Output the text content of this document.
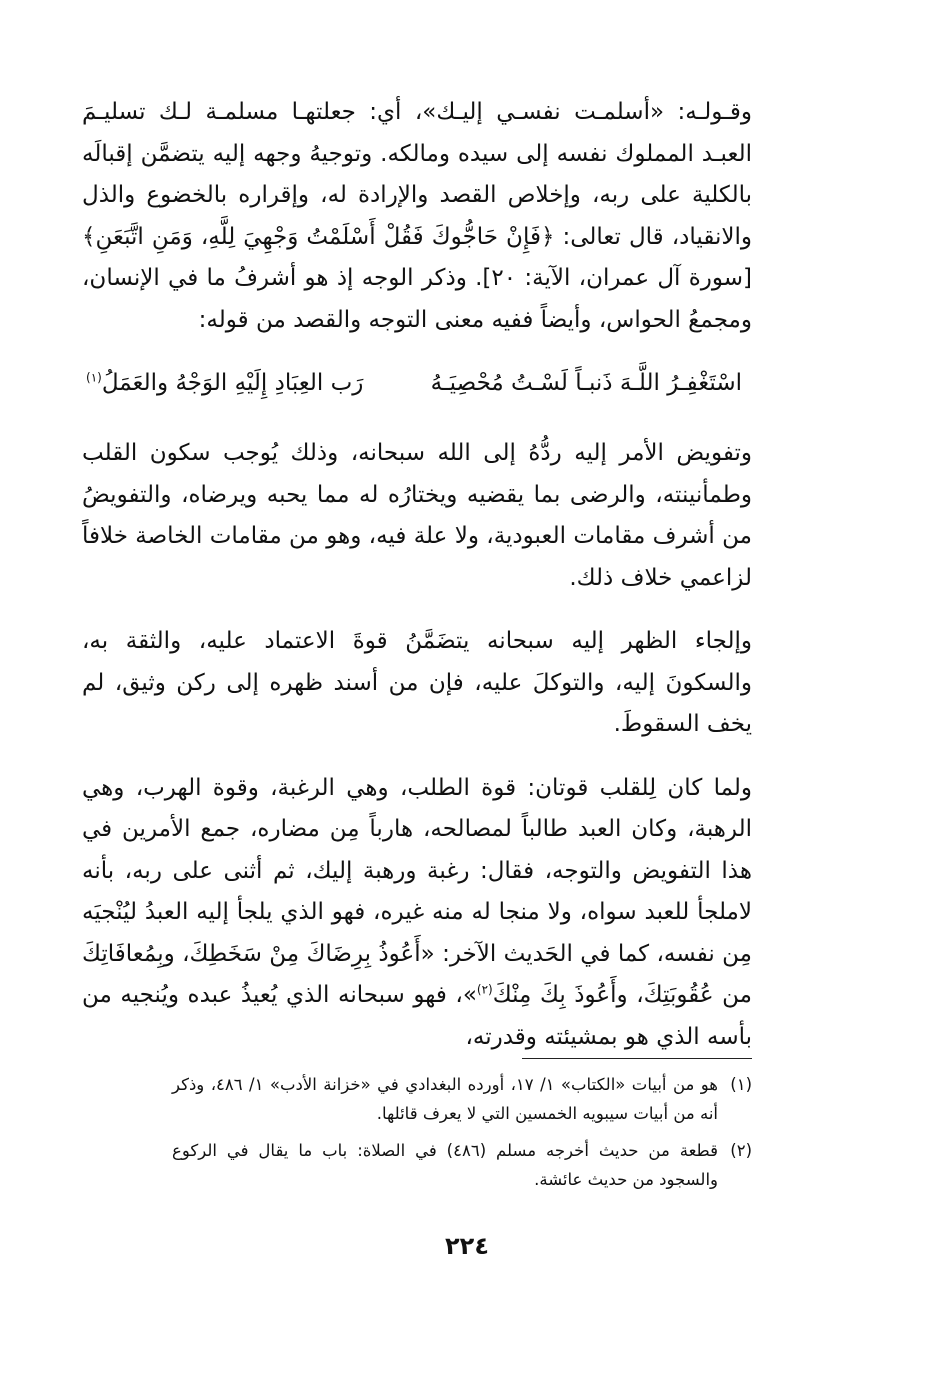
وقـولـه: «أسلمـت نفسـي إليـك»، أي: جعلتهـا مسلمـة لـك تسليـمَ العبـد المملوك نفسه إلى سيده ومالكه. وتوجيهُ وجهه إليه يتضمَّن إقبالَه بالكلية على ربه، وإخلاص القصد والإرادة له، وإقراره بالخضوع والذل والانقياد، قال تعالى: ﴿فَإِنْ حَاجُّوكَ فَقُلْ أَسْلَمْتُ وَجْهِيَ لِلَّهِ، وَمَنِ اتَّبَعَنِ﴾ [سورة آل عمران، الآية: ٢٠]. وذكر الوجه إذ هو أشرفُ ما في الإنسان، ومجمعُ الحواس، وأيضاً ففيه معنى التوجه والقصد من قوله:

اسْتَغْفِـرُ اللَّـهَ ذَنبـاً لَسْـتُ مُحْصِيَـهُ
رَب العِبَادِ إِلَيْهِ الوَجْهُ والعَمَلُ$^{(١)}$

وتفويض الأمر إليه ردُّهُ إلى الله سبحانه، وذلك يُوجب سكون القلب وطمأنينته، والرضى بما يقضيه ويختارُه له مما يحبه ويرضاه، والتفويضُ من أشرف مقامات العبودية، ولا علة فيه، وهو من مقامات الخاصة خلافاً لزاعمي خلاف ذلك.

وإلجاء الظهر إليه سبحانه يتضَمَّنُ قوةَ الاعتماد عليه، والثقة به، والسكونَ إليه، والتوكلَ عليه، فإن من أسند ظهره إلى ركن وثيق، لم يخف السقوطَ.

ولما كان لِلقلب قوتان: قوة الطلب، وهي الرغبة، وقوة الهرب، وهي الرهبة، وكان العبد طالباً لمصالحه، هارباً مِن مضاره، جمع الأمرين في هذا التفويض والتوجه، فقال: رغبة ورهبة إليك، ثم أثنى على ربه، بأنه لاملجأ للعبد سواه، ولا منجا له منه غيره، فهو الذي يلجأ إليه العبدُ ليُنْجيَه مِن نفسه، كما في الحَديث الآخر: «أَعُوذُ بِرِضَاكَ مِنْ سَخَطِكَ، وبِمُعافَاتِكَ من عُقُوبَتِكَ، وأَعُوذَ بِكَ مِنْكَ$^{(٢)}$»، فهو سبحانه الذي يُعيذُ عبده ويُنجيه من بأسه الذي هو بمشيئته وقدرته،

(١)
هو من أبيات «الكتاب» ١/ ١٧، أورده البغدادي في «خزانة الأدب» ١/ ٤٨٦، وذكر أنه من أبيات سيبويه الخمسين التي لا يعرف قائلها.
(٢)
قطعة من حديث أخرجه مسلم (٤٨٦) في الصلاة: باب ما يقال في الركوع والسجود من حديث عائشة.
٢٢٤
